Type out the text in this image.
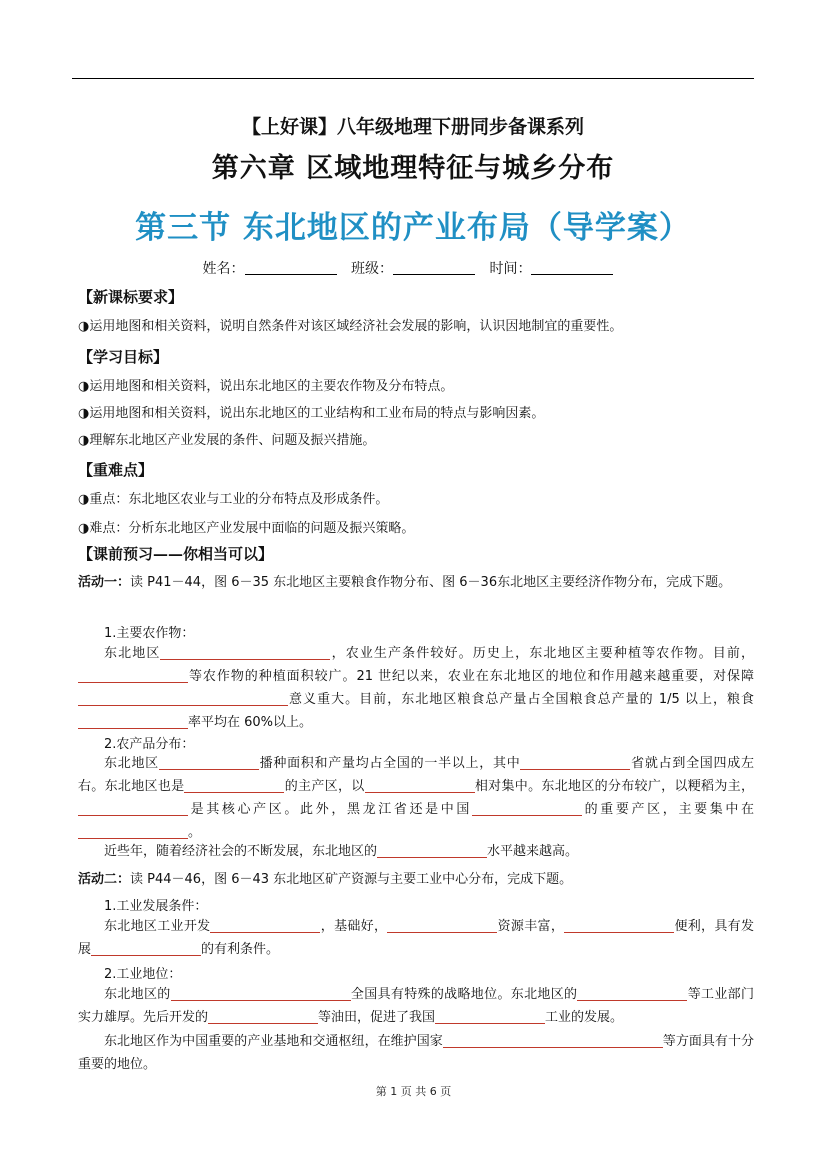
【上好课】八年级地理下册同步备课系列
第六章 区域地理特征与城乡分布
第三节 东北地区的产业布局（导学案）
姓名：	班级：	时间：
【新课标要求】
◑运用地图和相关资料，说明自然条件对该区域经济社会发展的影响，认识因地制宜的重要性。
【学习目标】
◑运用地图和相关资料，说出东北地区的主要农作物及分布特点。
◑运用地图和相关资料，说出东北地区的工业结构和工业布局的特点与影响因素。
◑理解东北地区产业发展的条件、问题及振兴措施。
【重难点】
◑重点：东北地区农业与工业的分布特点及形成条件。
◑难点：分析东北地区产业发展中面临的问题及振兴策略。
【课前预习——你相当可以】
活动一：读 P41－44，图 6－35 东北地区主要粮食作物分布、图 6－36东北地区主要经济作物分布，完成下题。
1.主要农作物：
东北地区	，农业生产条件较好。历史上，东北地区主要种植等农作物。目前，等农作物的种植面积较广。21 世纪以来，农业在东北地区的地位和作用越来越重要，对保障意义重大。目前，东北地区粮食总产量占全国粮食总产量的 1/5 以上，粮食率平均在 60%以上。
2.农产品分布：
东北地区	播种面积和产量均占全国的一半以上，其中	省就占到全国四成左右。东北地区也是	的主产区，以	相对集中。东北地区的分布较广，以粳稻为主，是其核心产区。此外，黑龙江省还是中国	的重要产区，主要集中在。
近些年，随着经济社会的不断发展，东北地区的	水平越来越高。
活动二：读 P44－46，图 6－43 东北地区矿产资源与主要工业中心分布，完成下题。
1.工业发展条件：
东北地区工业开发	，基础好，	资源丰富，	便利，具有发展	的有利条件。
2.工业地位：
东北地区的	全国具有特殊的战略地位。东北地区的	等工业部门实力雄厚。先后开发的	等油田，促进了我国	工业的发展。
东北地区作为中国重要的产业基地和交通枢纽，在维护国家	等方面具有十分重要的地位。
第 1 页 共 6 页
